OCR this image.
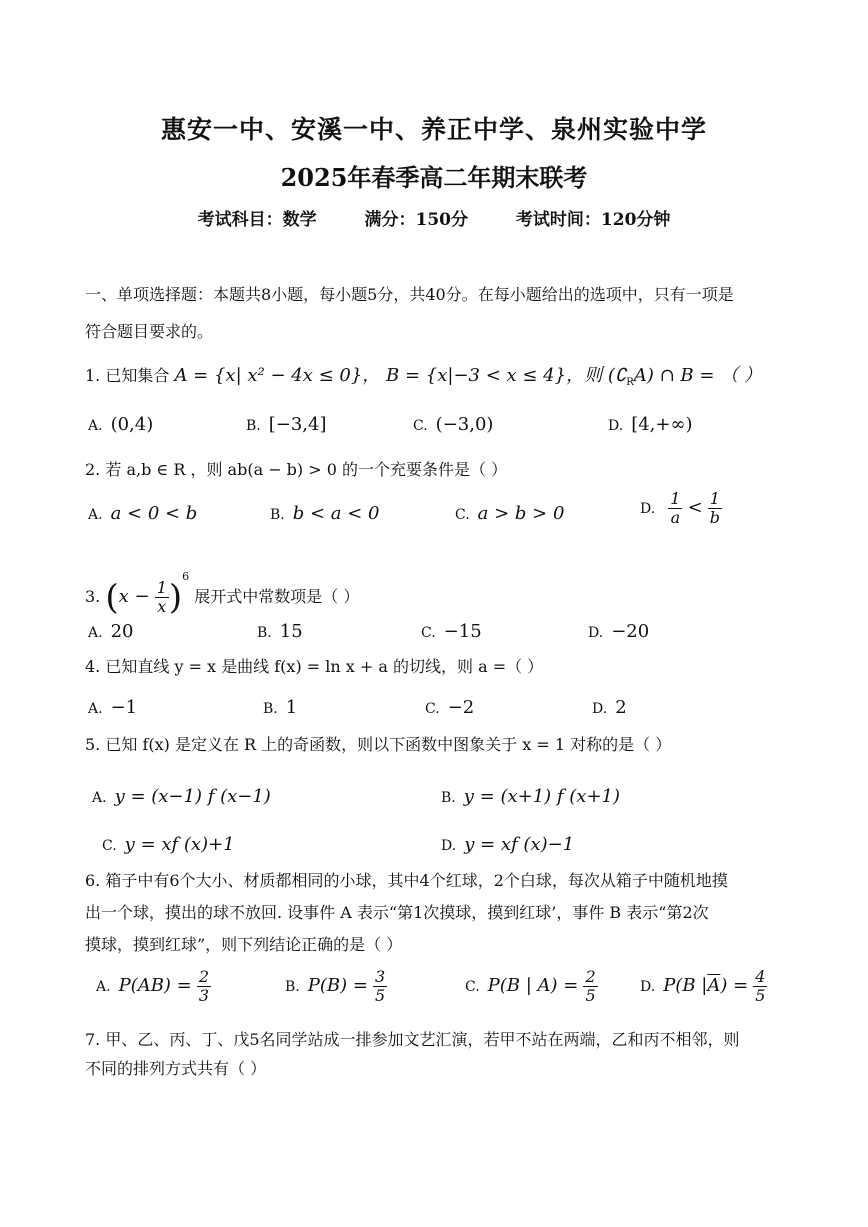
惠安一中、安溪一中、养正中学、泉州实验中学
2025年春季高二年期末联考
考试科目：数学	满分：150分	考试时间：120分钟
一、单项选择题：本题共8小题，每小题5分，共40分。在每小题给出的选项中，只有一项是
符合题目要求的。
1. 已知集合 A = {x| x² − 4x ≤ 0}， B = {x|−3 < x ≤ 4}，则 $(∁_RA)$ ∩ B = （ ）
A. (0,4)	B. [−3,4]	C. (−3,0)	D. [4,+∞)
2. 若 a,b ∈ R ，则 ab(a − b) > 0 的一个充要条件是（ ）
A. a < 0 < b	B. b < a < 0	C. a > b > 0	D. $\frac{1}{a} < \frac{1}{b}$
3. $(x - \frac{1}{x} )^6$ 展开式中常数项是（ ）
A. 20	B. 15	C. −15	D. −20
4. 已知直线 y = x 是曲线 f(x) = ln x + a 的切线，则 a =（ ）
A. −1	B. 1	C. −2	D. 2
5. 已知 f(x) 是定义在 R 上的奇函数，则以下函数中图象关于 x = 1 对称的是（ ）
A. y = (x−1) f (x−1)	B. y = (x+1) f (x+1)
C. y = xf (x)+1	D. y = xf (x)−1
6. 箱子中有6个大小、材质都相同的小球，其中4个红球，2个白球，每次从箱子中随机地摸
出一个球，摸出的球不放回. 设事件 A 表示“第1次摸球，摸到红球’，事件 B 表示“第2次
摸球，摸到红球”，则下列结论正确的是（ ）
A. $P(AB) = \frac{2}{3}$	B. $P(B) = \frac{3}{5}$	C. P(B | $A) = \frac{2}{5}$	D. P(B $|\overline{A}) = \frac{4}{5}$
7. 甲、乙、丙、丁、戊5名同学站成一排参加文艺汇演，若甲不站在两端，乙和丙不相邻，则
不同的排列方式共有（ ）
